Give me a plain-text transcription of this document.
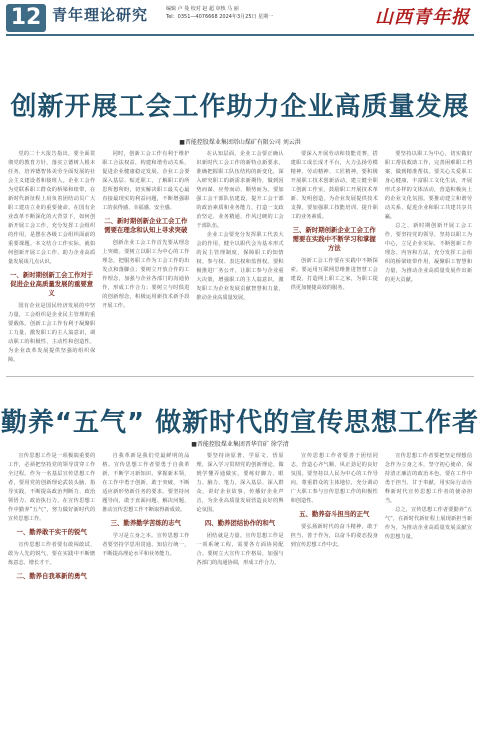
12 青年理论研究	编辑 卢 曼 校对 赵 超 审核 马 丽
Tel：0351—4076668 2024年3月25日 星期一	山西青年报
创新开展工会工作助力企业高质量发展
■晋能控股煤业集团塔山煤矿有限公司 刘云洪

党的二十大报告指出，要全面贯彻党的教育方针，落实立德树人根本任务，培养德智体美劳全面发展的社会主义建设者和接班人。企业工会作为党联系职工群众的桥梁和纽带，在新时代新征程上肩负着团结动员广大职工建功立业的重要使命。在国有企业改革不断深化的大背景下，如何创新开展工会工作，充分发挥工会组织的作用，是摆在各级工会组织面前的重要课题。本文结合工作实际，就如何创新开展工会工作、助力企业高质量发展谈几点认识。

一、新时期创新工会工作对于促进企业高质量发展的重要意义

国有企业是国民经济发展的中坚力量，工会组织是企业民主管理的重要载体。创新工会工作有利于凝聚职工力量，激发职工的主人翁意识，调动职工的积极性、主动性和创造性，为企业改革发展提供坚强的组织保障。

同时，创新工会工作有利于维护职工合法权益，构建和谐劳动关系，促进企业健康稳定发展。企业工会要深入基层、贴近职工，了解职工的所思所想所盼，切实解决职工最关心最直接最现实的利益问题，不断增强职工的获得感、幸福感、安全感。

二、新时期创新企业工会工作需要在理念和认知上寻求突破

创新企业工会工作首先要从理念上突破。要树立以职工为中心的工作理念，把服务职工作为工会工作的出发点和落脚点；要树立开放合作的工作理念，加强与企业各部门的沟通协作，形成工作合力；要树立与时俱进的创新理念，积极运用新技术新手段开展工作。

在认知层面，企业工会要正确认识新时代工会工作的新特点新要求，准确把握职工队伍结构的新变化，深入研究职工的新需求新期待，做到因势而谋、应势而动、顺势而为。要加强工会干部队伍建设，提升工会干部的政治素质和业务能力，打造一支政治坚定、业务精通、作风过硬的工会干部队伍。

企业工会要充分发挥职工代表大会的作用，健全以职代会为基本形式的民主管理制度，保障职工的知情权、参与权、表达权和监督权。要积极推进厂务公开，让职工参与企业重大决策，增强职工的主人翁意识，激发职工为企业发展贡献智慧和力量，推动企业高质量发展。

要深入开展劳动和技能竞赛，搭建职工成长成才平台，大力弘扬劳模精神、劳动精神、工匠精神。要积极开展职工技术创新活动，建立健全职工创新工作室，鼓励职工开展技术革新、发明创造，为企业发展提供技术支撑。要加强职工技能培训，提升职工的业务素质。

三、新时期创新企业工会工作需要在实践中不断学习和掌握方法

创新工会工作要在实践中不断探索。要运用互联网思维推进智慧工会建设，打造网上职工之家，为职工提供更加便捷高效的服务。

要坚持以职工为中心，切实做好职工帮扶救助工作，完善困难职工档案，做到精准帮扶。要关心关爱职工身心健康，丰富职工文化生活，开展形式多样的文体活动，营造积极向上的企业文化氛围。要推动建立和谐劳动关系，促进企业和职工共建共享共赢。

总之，新时期创新开展工会工作，要坚持党的领导，坚持以职工为中心，立足企业实际，不断创新工作理念、内容和方法，充分发挥工会组织的桥梁纽带作用，凝聚职工智慧和力量，为推动企业高质量发展作出新的更大贡献。

勤养“五气” 做新时代的宣传思想工作者
■晋能控股煤业集团晋华宫矿 徐学清

宣传思想工作是一项极端重要的工作，必须把坚持党的领导贯穿工作全过程。作为一名基层宣传思想工作者，要用党的创新理论武装头脑、指导实践，不断提高政治判断力、政治领悟力、政治执行力，在宣传思想工作中勤养“五气”，努力做好新时代的宣传思想工作。

一、勤养敢干实干的锐气

宣传思想工作者要有敢闯敢试、敢为人先的锐气，要在实践中不断磨炼意志、增长才干。

二、勤养自我革新的勇气

自我革新是我们党最鲜明的品格。宣传思想工作者要勇于自我革新，不断学习新知识、掌握新本领，在工作中勇于创新、敢于突破，不断适应新形势新任务的要求。要坚持问题导向，敢于直面问题、解决问题，推动宣传思想工作不断取得新成效。

三、勤养勤学苦练的志气

学习是立身之本。宣传思想工作者要坚持学思用贯通、知信行统一，不断提高理论水平和业务能力。

要坚持读原著、学原文、悟原理，深入学习贯彻党的创新理论，做到学懂弄通做实。要练好脚力、眼力、脑力、笔力，深入基层、深入群众，讲好企业故事，传播好企业声音，为企业高质量发展营造良好的舆论氛围。

四、勤养团结协作的和气

团结就是力量。宣传思想工作是一项系统工程，需要各方面协同配合。要树立大宣传工作格局，加强与各部门的沟通协调，形成工作合力。

宣传思想工作者要善于团结同志，营造心齐气顺、风正劲足的良好氛围。要坚持以人民为中心的工作导向，尊重群众的主体地位，充分调动广大职工参与宣传思想工作的积极性和创造性。

五、勤养奋斗担当的正气

要弘扬新时代的奋斗精神，敢于担当、善于作为，以奋斗的姿态投身到宣传思想工作中去。

宣传思想工作者要把坚定理想信念作为立身之本，坚守初心使命，保持清正廉洁的政治本色。要在工作中勇于担当、甘于奉献，用实际行动诠释新时代宣传思想工作者的使命担当。

总之，宣传思想工作者要勤养“五气”，在新时代新征程上展现新担当新作为，为推动企业高质量发展贡献宣传思想力量。
